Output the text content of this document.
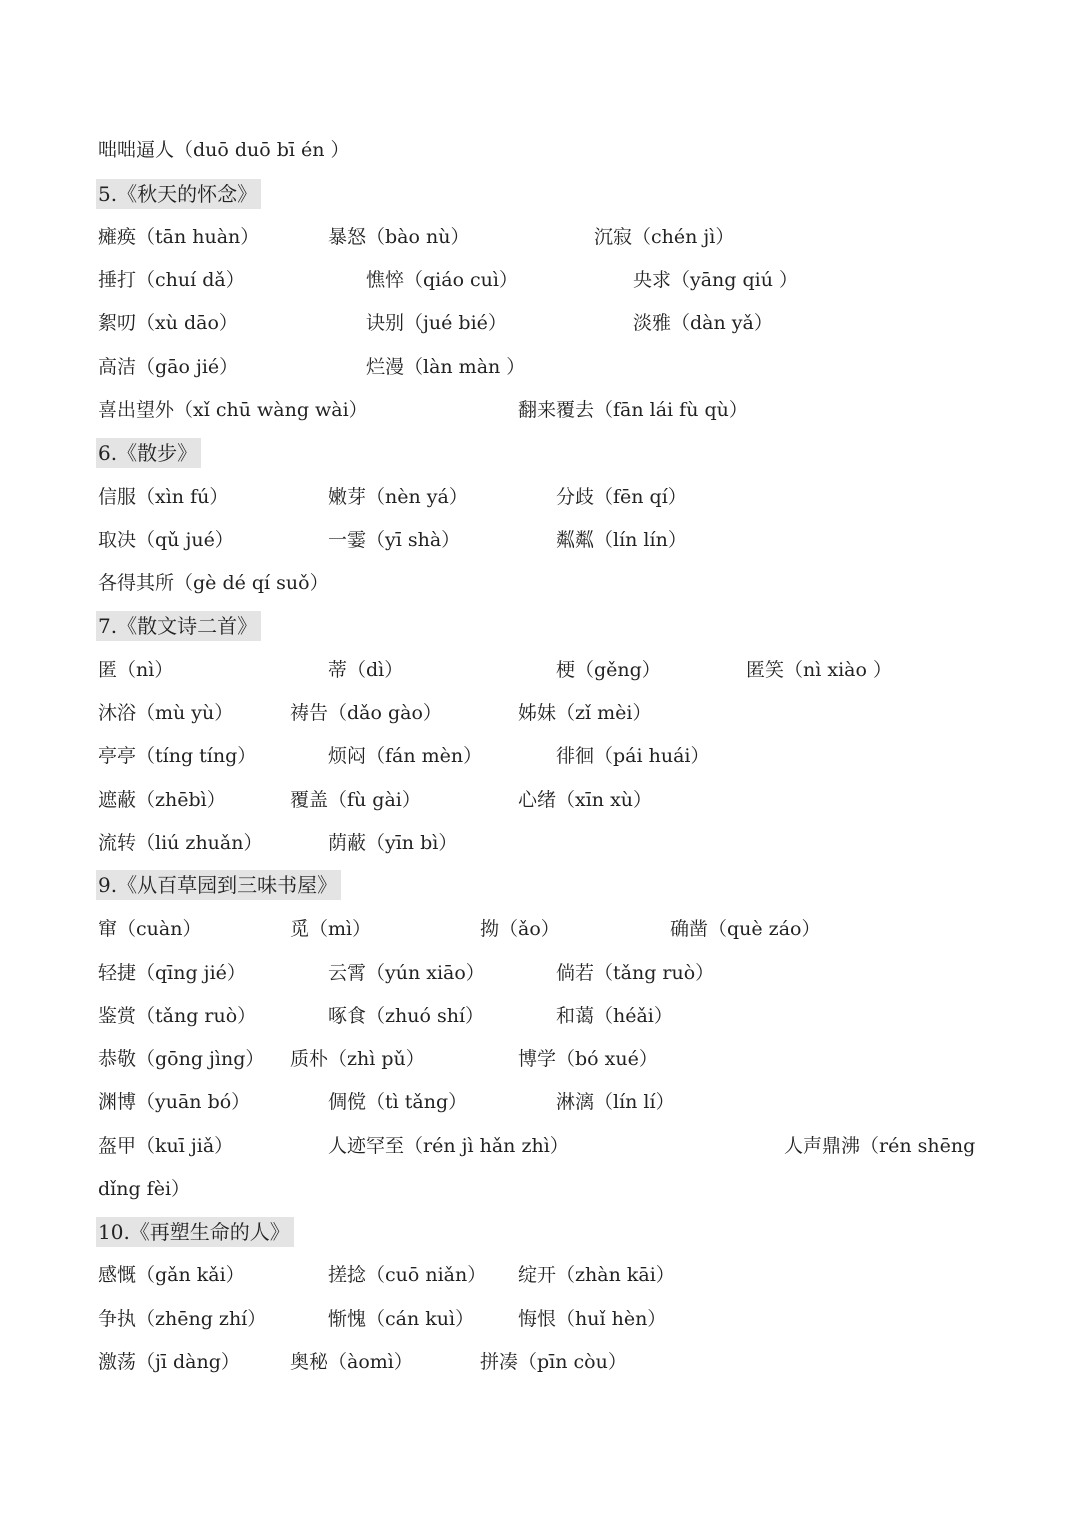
咄咄逼人（duō duō bī én ）
5.《秋天的怀念》
瘫痪（tān huàn）	暴怒（bào nù）	沉寂（chén jì）
捶打（chuí dǎ）	憔悴（qiáo cuì）	央求（yāng qiú ）
絮叨（xù dāo）	诀别（jué bié）	淡雅（dàn yǎ）
高洁（gāo jié）	烂漫（làn màn ）
喜出望外（xǐ chū wàng wài）	翻来覆去（fān lái fù qù）
6.《散步》
信服（xìn fú）	嫩芽（nèn yá）	分歧（fēn qí）
取决（qǔ jué）	一霎（yī shà）	粼粼（lín lín）
各得其所（gè dé qí suǒ）
7.《散文诗二首》
匿（nì）	蒂（dì）	梗（gěng）	匿笑（nì xiào ）
沐浴（mù yù）	祷告（dǎo gào）	姊妹（zǐ mèi）
亭亭（tíng tíng）	烦闷（fán mèn）	徘徊（pái huái）
遮蔽（zhēbì）	覆盖（fù gài）	心绪（xīn xù）
流转（liú zhuǎn）	荫蔽（yīn bì）
9.《从百草园到三味书屋》
窜（cuàn）	觅（mì）	拗（ǎo）	确凿（què záo）
轻捷（qīng jié）	云霄（yún xiāo）	倘若（tǎng ruò）
鉴赏（tǎng ruò）	啄食（zhuó shí）	和蔼（héǎi）
恭敬（gōng jìng） 质朴（zhì pǔ）	博学（bó xué）
渊博（yuān bó）	倜傥（tì tǎng）	淋漓（lín lí）
盔甲（kuī jiǎ）	人迹罕至（rén jì hǎn zhì）	人声鼎沸（rén shēng
dǐng fèi）
10.《再塑生命的人》
感慨（gǎn kǎi）	搓捻（cuō niǎn） 绽开（zhàn kāi）
争执（zhēng zhí）	惭愧（cán kuì） 悔恨（huǐ hèn）
激荡（jī dàng）	奥秘（àomì）	拼凑（pīn còu）
